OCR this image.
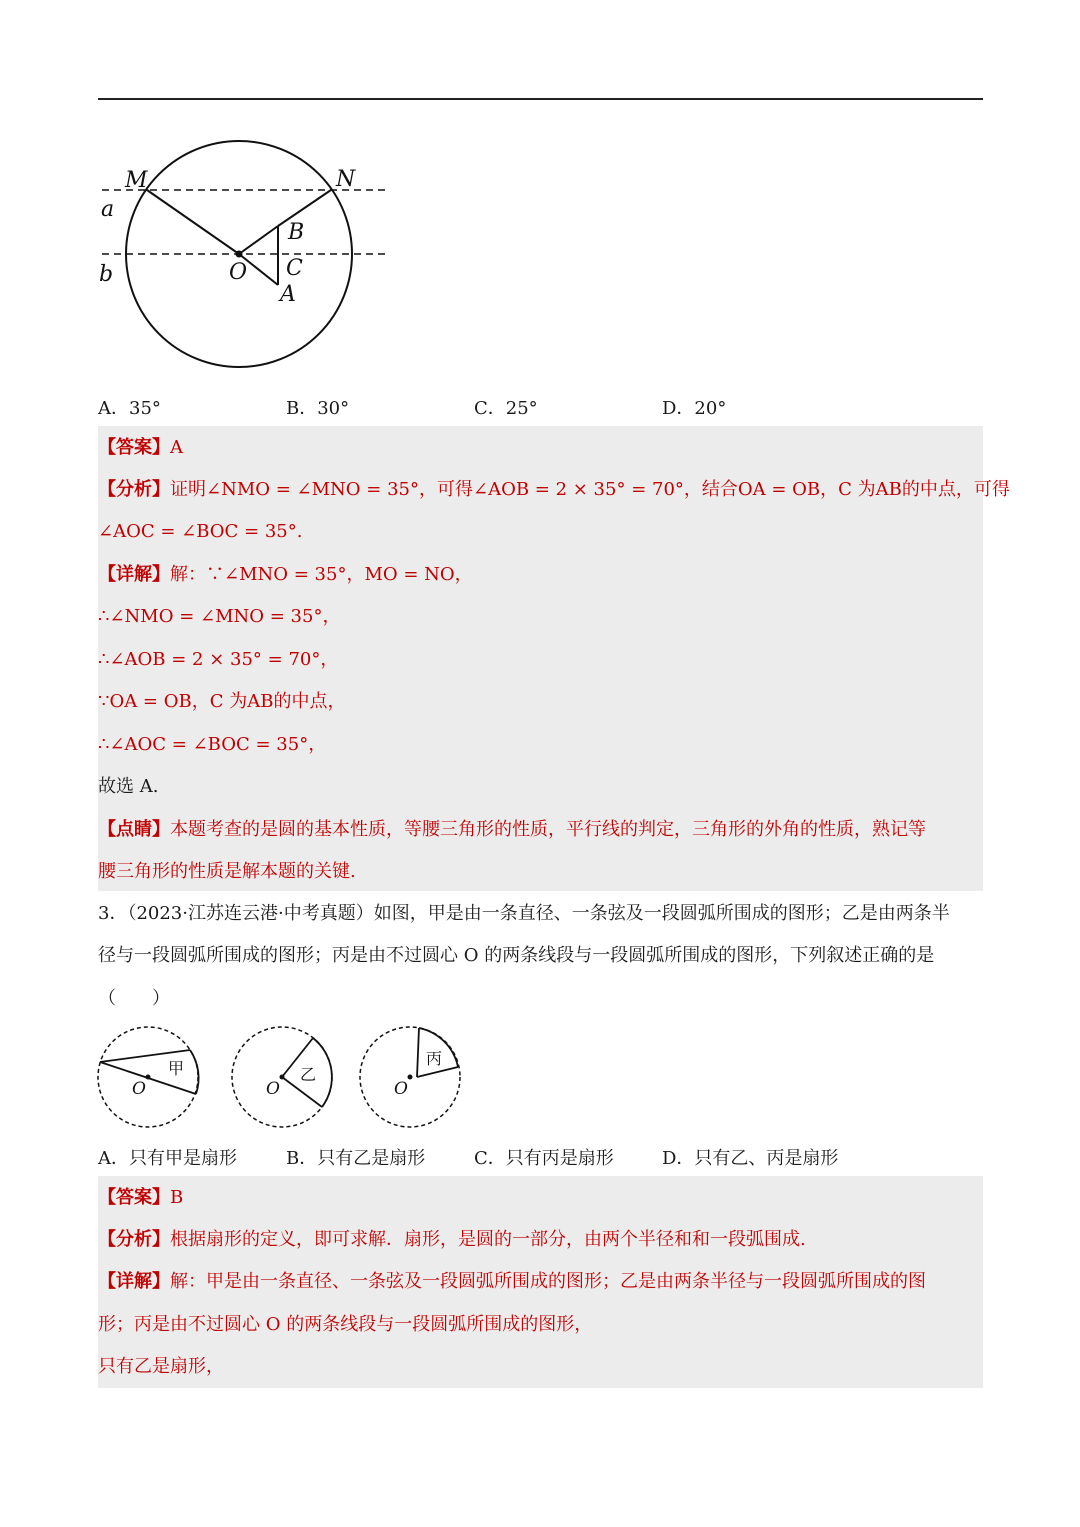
M	N
a
b	O
B
C
A
A．35°	B．30°	C．25°	D．20°
【答案】A
【分析】证明∠NMO = ∠MNO = 35°，可得∠AOB = 2 × 35° = 70°，结合OA = OB，C 为AB的中点，可得
∠AOC = ∠BOC = 35°.
【详解】解：∵∠MNO = 35°，MO = NO，
∴∠NMO = ∠MNO = 35°，
∴∠AOB = 2 × 35° = 70°，
∵OA = OB，C 为AB的中点，
∴∠AOC = ∠BOC = 35°，
故选 A.
【点睛】本题考查的是圆的基本性质，等腰三角形的性质，平行线的判定，三角形的外角的性质，熟记等
腰三角形的性质是解本题的关键.
3．（2023·江苏连云港·中考真题）如图，甲是由一条直径、一条弦及一段圆弧所围成的图形；乙是由两条半
径与一段圆弧所围成的图形；丙是由不过圆心 O 的两条线段与一段圆弧所围成的图形，下列叙述正确的是
（　　）
甲
O
乙
O
丙
O
A．只有甲是扇形	B．只有乙是扇形	C．只有丙是扇形	D．只有乙、丙是扇形
【答案】B
【分析】根据扇形的定义，即可求解．扇形，是圆的一部分，由两个半径和和一段弧围成.
【详解】解：甲是由一条直径、一条弦及一段圆弧所围成的图形；乙是由两条半径与一段圆弧所围成的图
形；丙是由不过圆心 O 的两条线段与一段圆弧所围成的图形，
只有乙是扇形，
